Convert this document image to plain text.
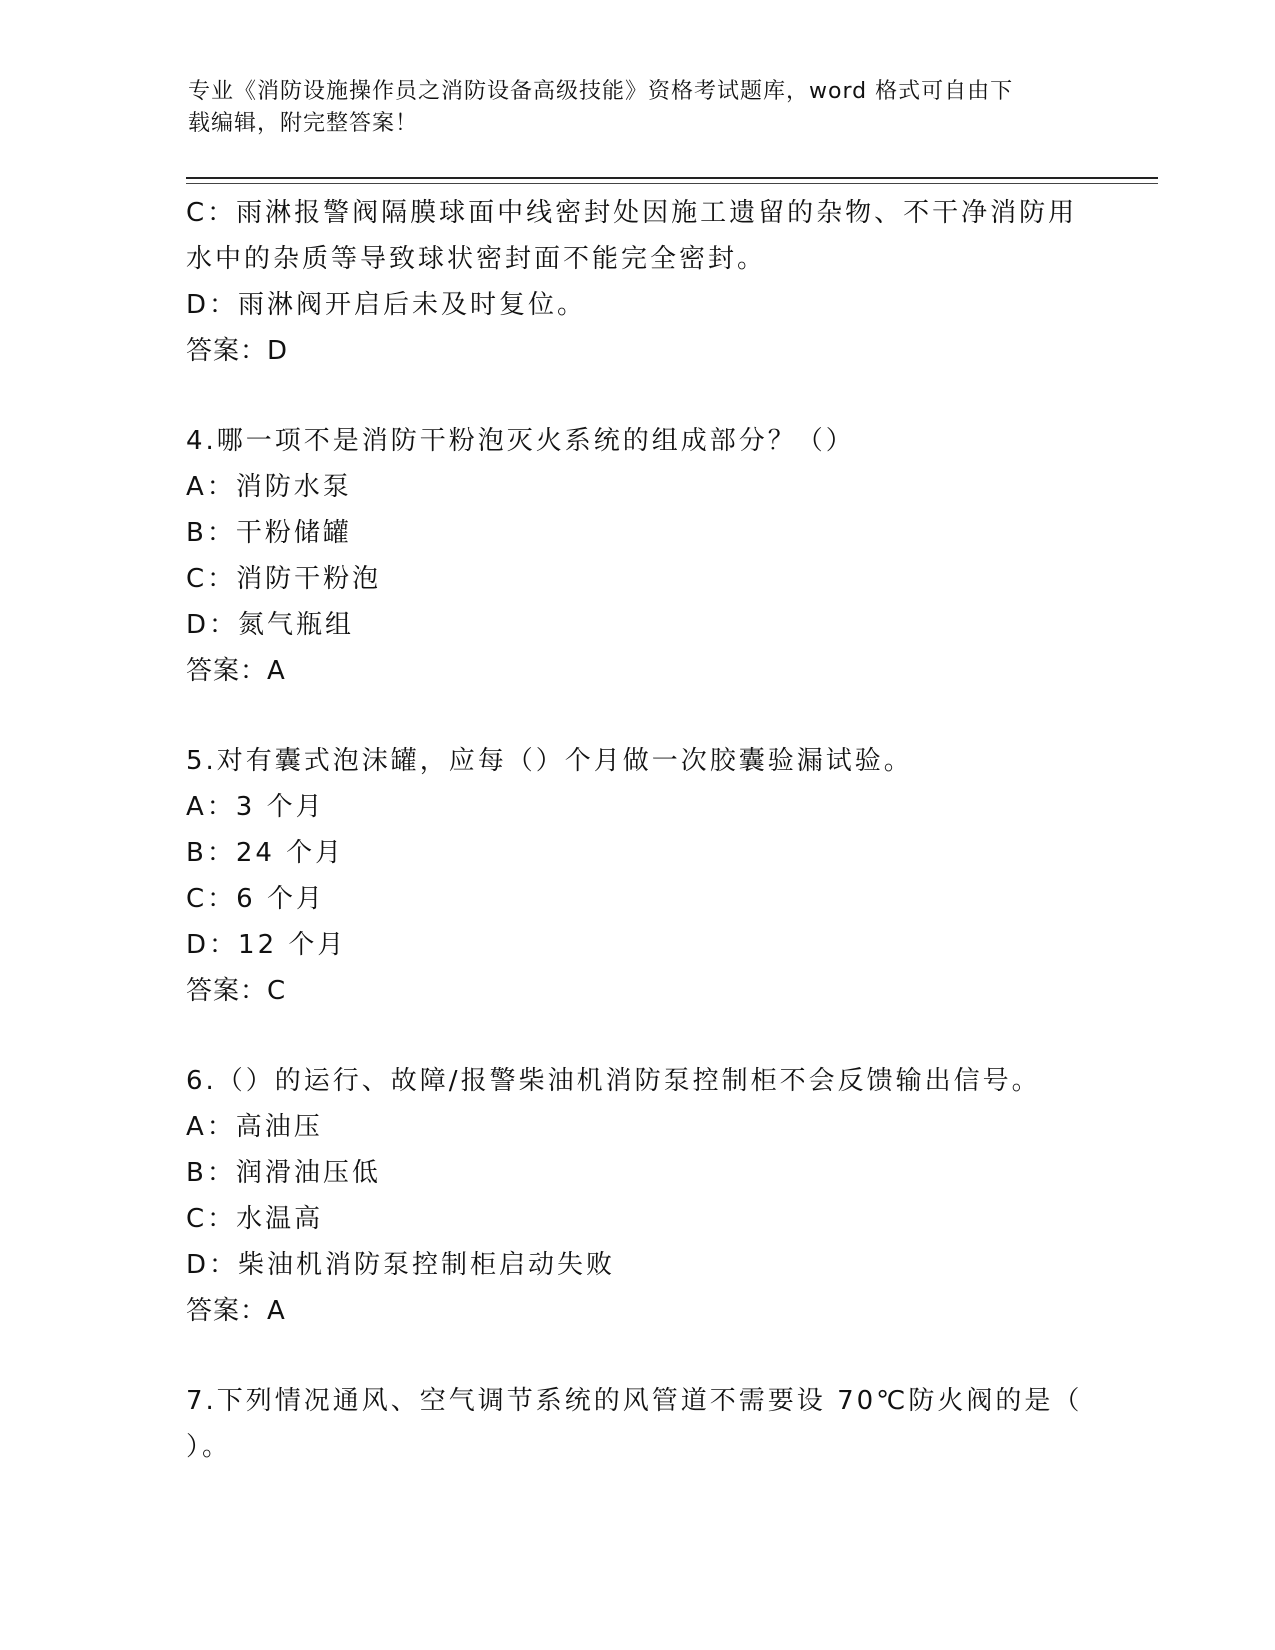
专业《消防设施操作员之消防设备高级技能》资格考试题库，word 格式可自由下
载编辑，附完整答案！
C：雨淋报警阀隔膜球面中线密封处因施工遗留的杂物、不干净消防用
水中的杂质等导致球状密封面不能完全密封。
D：雨淋阀开启后未及时复位。
答案：D
4.哪一项不是消防干粉泡灭火系统的组成部分？（）
A：消防水泵
B：干粉储罐
C：消防干粉泡
D：氮气瓶组
答案：A
5.对有囊式泡沫罐，应每（）个月做一次胶囊验漏试验。
A：3 个月
B：24 个月
C：6 个月
D：12 个月
答案：C
6.（）的运行、故障/报警柴油机消防泵控制柜不会反馈输出信号。
A：高油压
B：润滑油压低
C：水温高
D：柴油机消防泵控制柜启动失败
答案：A
7.下列情况通风、空气调节系统的风管道不需要设 70℃防火阀的是（
）。
